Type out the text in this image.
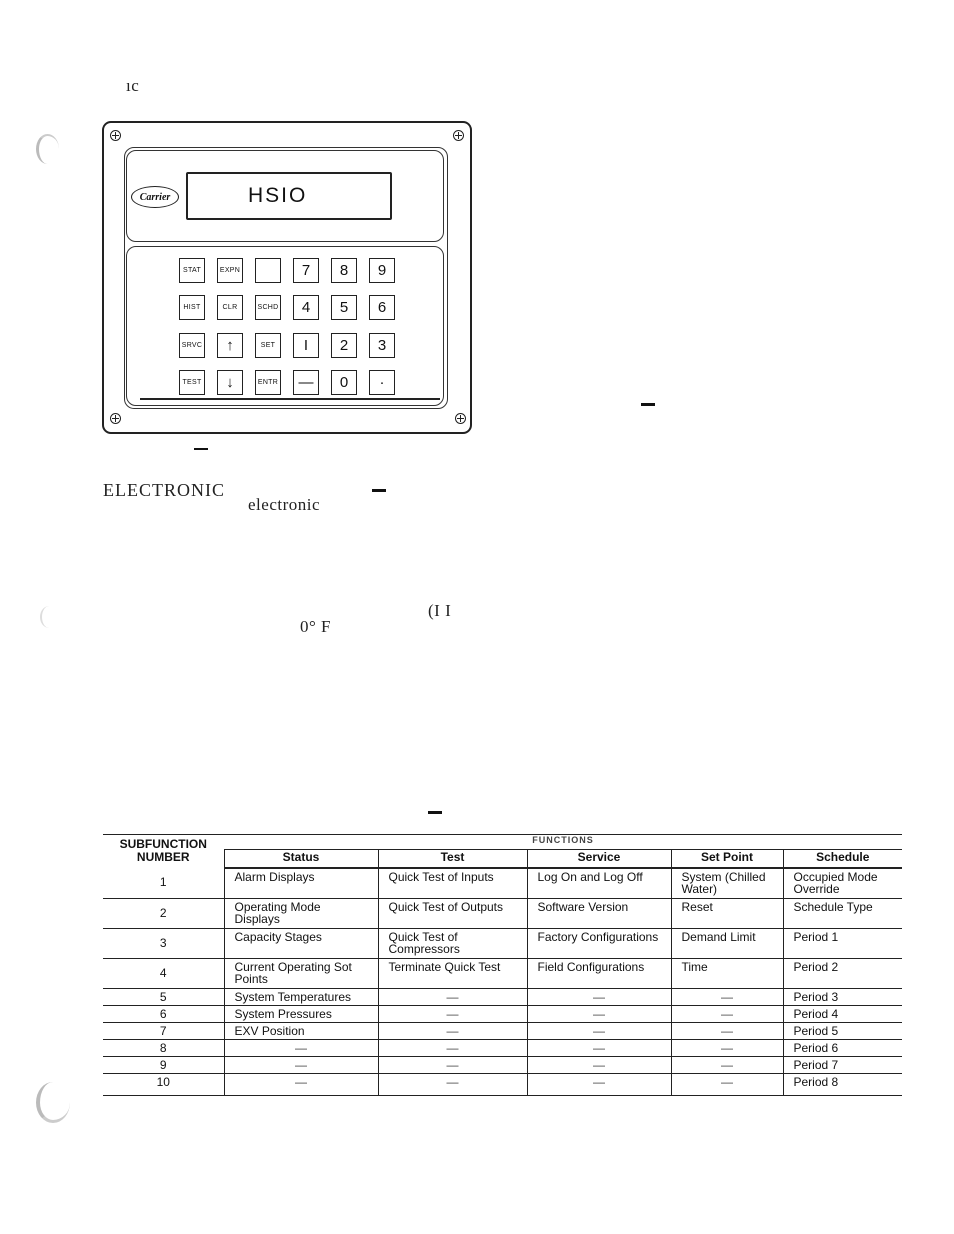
ıc
ELECTRONIC
electronic
(I I
0° F
HSIO
Carrier
STAT	EXPN	7	8	9
HIST	CLR	SCHD	4	5	6
SRVC	↑	SET	I	2	3
TEST	↓	ENTR	—	0	·
SUBFUNCTION NUMBER	FUNCTIONS				
	Status	Test	Service	Set Point	Schedule

1	Alarm Displays	Quick Test of Inputs	Log On and Log Off	System (Chilled Water)	Occupied Mode Override

2	Operating Mode Displays	Quick Test of Outputs	Software Version	Reset	Schedule Type

3	Capacity Stages	Quick Test of Compressors	Factory Configurations	Demand Limit	Period 1

4	Current Operating Sot Points	Terminate Quick Test	Field Configurations	Time	Period 2

5	System Temperatures	—	—	—	Period 3

6	System Pressures	—	—	—	Period 4

7	EXV Position	—	—	—	Period 5

8	—	—	—	—	Period 6

9	—	—	—	—	Period 7

10	—	—	—	—	Period 8
